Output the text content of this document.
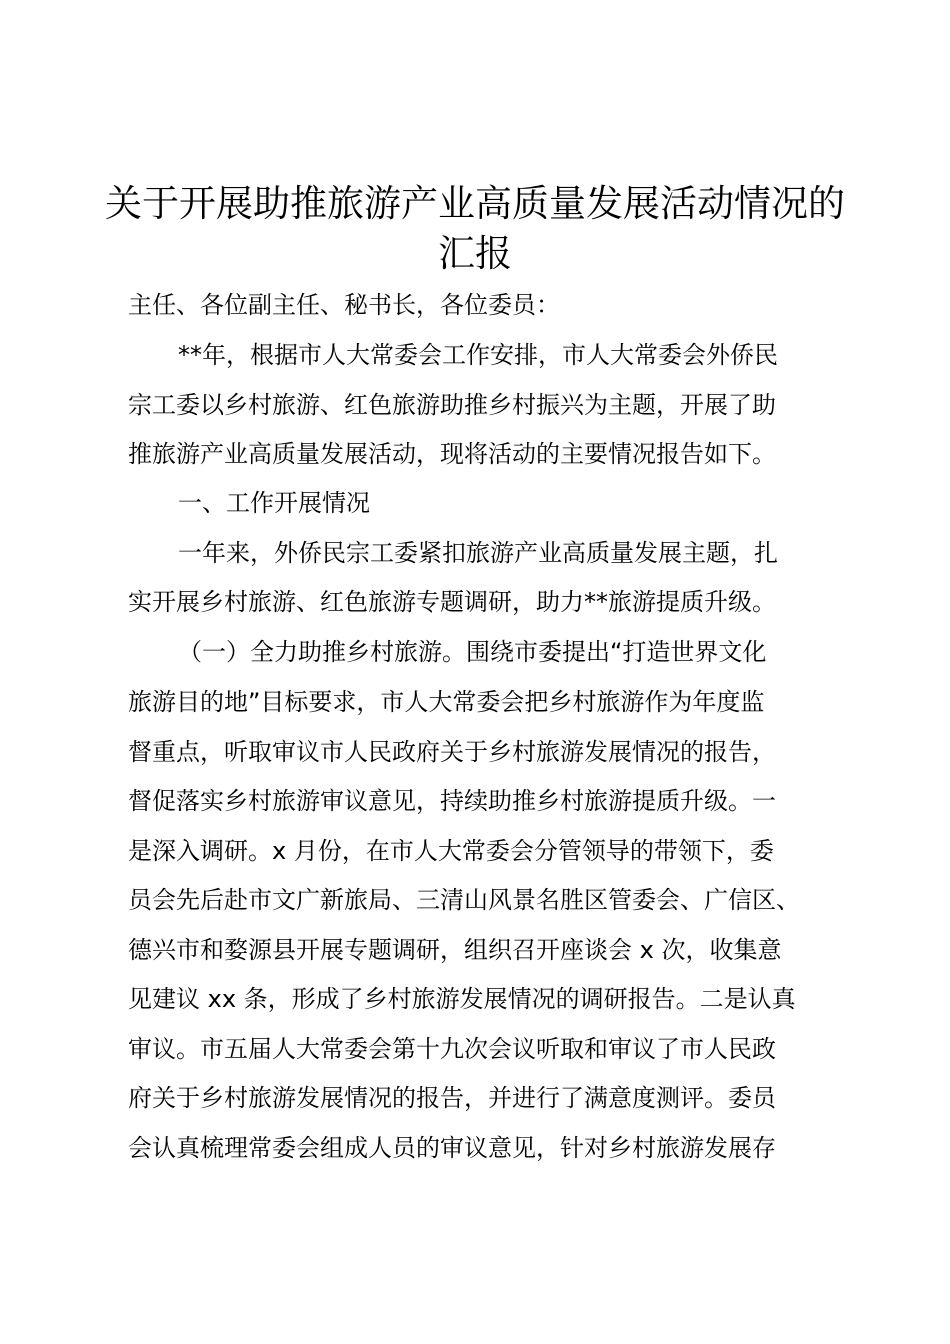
关于开展助推旅游产业高质量发展活动情况的
汇报

主任、各位副主任、秘书长，各位委员：

**年，根据市人大常委会工作安排，市人大常委会外侨民

宗工委以乡村旅游、红色旅游助推乡村振兴为主题，开展了助

推旅游产业高质量发展活动，现将活动的主要情况报告如下。

一、工作开展情况

一年来，外侨民宗工委紧扣旅游产业高质量发展主题，扎

实开展乡村旅游、红色旅游专题调研，助力**旅游提质升级。

（一）全力助推乡村旅游。围绕市委提出“打造世界文化

旅游目的地”目标要求，市人大常委会把乡村旅游作为年度监

督重点，听取审议市人民政府关于乡村旅游发展情况的报告，

督促落实乡村旅游审议意见，持续助推乡村旅游提质升级。一

是深入调研。x 月份，在市人大常委会分管领导的带领下，委

员会先后赴市文广新旅局、三清山风景名胜区管委会、广信区、

德兴市和婺源县开展专题调研，组织召开座谈会 x 次，收集意

见建议 xx 条，形成了乡村旅游发展情况的调研报告。二是认真

审议。市五届人大常委会第十九次会议听取和审议了市人民政

府关于乡村旅游发展情况的报告，并进行了满意度测评。委员

会认真梳理常委会组成人员的审议意见，针对乡村旅游发展存
